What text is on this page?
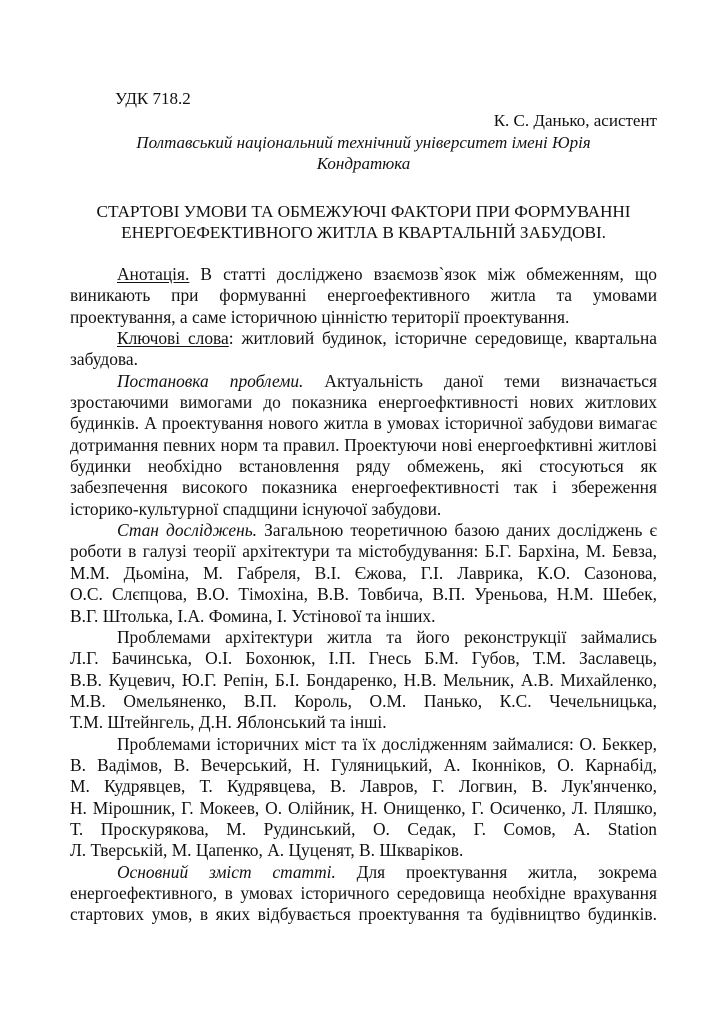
УДК 718.2
К. С. Данько, асистент
Полтавський національний технічний університет імені Юрія
Кондратюка
СТАРТОВІ УМОВИ ТА ОБМЕЖУЮЧІ ФАКТОРИ ПРИ ФОРМУВАННІ
ЕНЕРГОЕФЕКТИВНОГО ЖИТЛА В КВАРТАЛЬНІЙ ЗАБУДОВІ.
Анотація. В статті досліджено взаємозв`язок між обмеженням, що
виникають при формуванні енергоефективного житла та умовами
проектування, а саме історичною цінністю території проектування.
Ключові слова: житловий будинок, історичне середовище, квартальна
забудова.
Постановка проблеми. Актуальність даної теми визначається
зростаючими вимогами до показника енергоефктивності нових житлових
будинків. А проектування нового житла в умовах історичної забудови вимагає
дотримання певних норм та правил. Проектуючи нові енергоефктивні житлові
будинки необхідно встановлення ряду обмежень, які стосуються як
забезпечення високого показника енергоефективності так і збереження
історико-культурної спадщини існуючої забудови.
Стан досліджень. Загальною теоретичною базою даних досліджень є
роботи в галузі теорії архітектури та містобудування: Б.Г. Бархіна, М. Бевза,
М.М. Дьоміна, М. Габреля, В.І. Єжова, Г.І. Лаврика, К.О. Сазонова,
О.С. Слєпцова, В.О. Тімохіна, В.В. Товбича, В.П. Уреньова, Н.М. Шебек,
В.Г. Штолька, І.А. Фомина, І. Устінової та інших.
Проблемами архітектури житла та його реконструкції займались
Л.Г. Бачинська, О.І. Бохонюк, І.П. Гнесь Б.М. Губов, Т.М. Заславець,
В.В. Куцевич, Ю.Г. Репін, Б.І. Бондаренко, Н.В. Мельник, А.В. Михайленко,
М.В. Омельяненко, В.П. Король, О.М. Панько, К.С. Чечельницька,
Т.М. Штейнгель, Д.Н. Яблонський та інші.
Проблемами історичних міст та їх дослідженням займалися: О. Беккер,
В. Вадімов, В. Вечерський, Н. Гуляницький, А. Іконніков, О. Карнабід,
М. Кудрявцев, Т. Кудрявцева, В. Лавров, Г. Логвин, В. Лук'янченко,
Н. Мірошник, Г. Мокеев, О. Олійник, Н. Онищенко, Г. Осиченко, Л. Пляшко,
Т. Проскурякова, М. Рудинський, О. Седак, Г. Сомов, А. Station
Л. Тверській, М. Цапенко, А. Цуценят, В. Шкваріков.
Основний зміст статті. Для проектування житла, зокрема
енергоефективного, в умовах історичного середовища необхідне врахування
стартових умов, в яких відбувається проектування та будівництво будинків.
